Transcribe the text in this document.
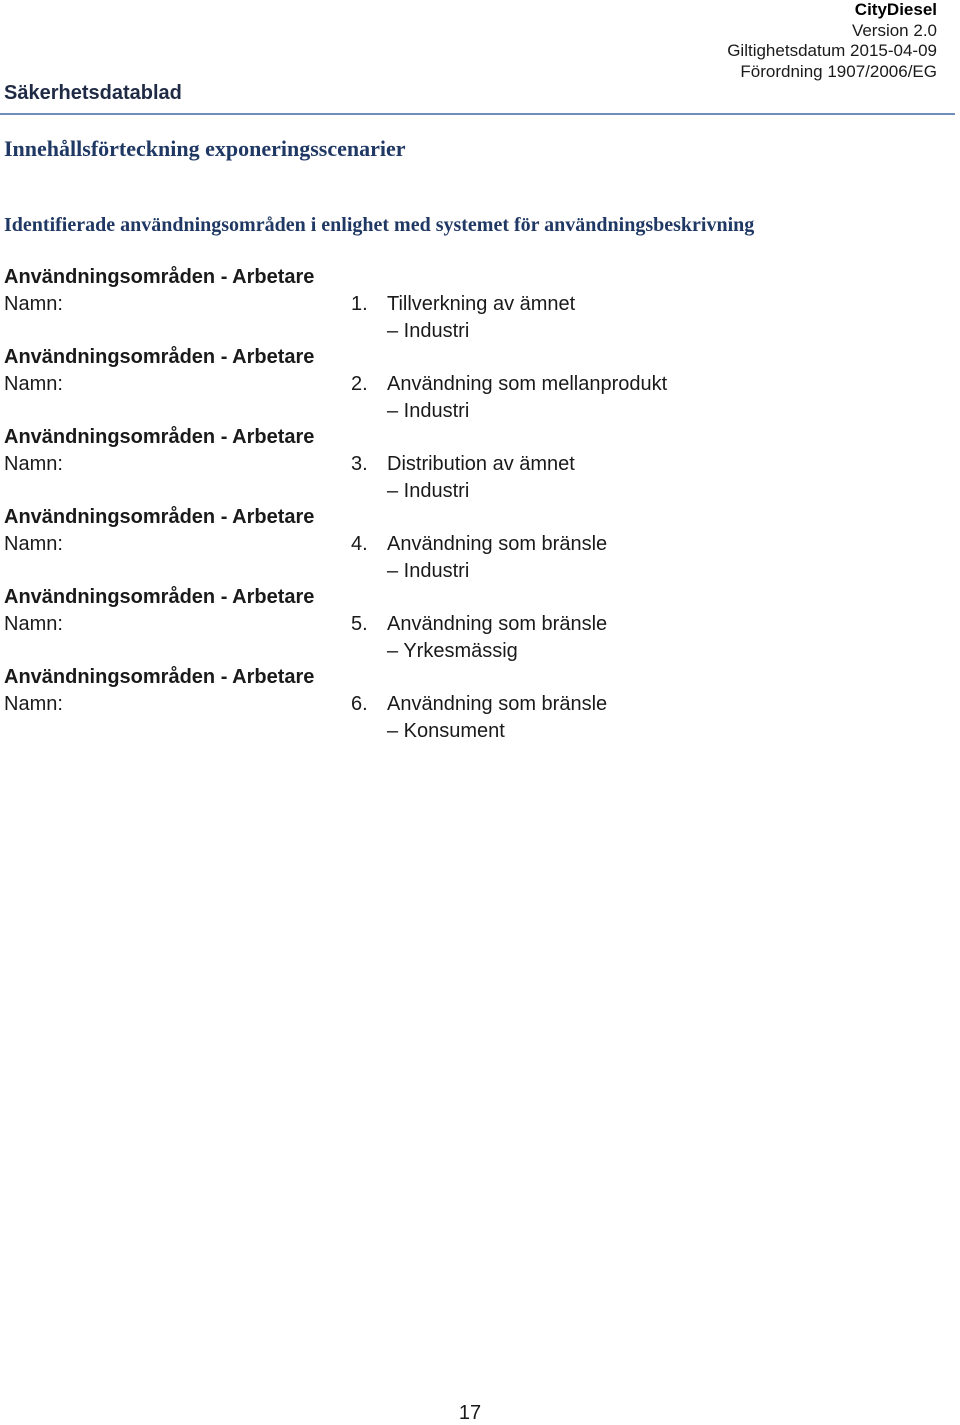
CityDiesel
Version 2.0
Giltighetsdatum 2015-04-09
Förordning 1907/2006/EG
Säkerhetsdatablad
Innehållsförteckning exponeringsscenarier
Identifierade användningsområden i enlighet med systemet för användningsbeskrivning
Användningsområden - Arbetare
Namn:	1. Tillverkning av ämnet
– Industri
Användningsområden - Arbetare
Namn:	2. Användning som mellanprodukt
– Industri
Användningsområden - Arbetare
Namn:	3. Distribution av ämnet
– Industri
Användningsområden - Arbetare
Namn:	4. Användning som bränsle
– Industri
Användningsområden - Arbetare
Namn:	5. Användning som bränsle
– Yrkesmässig
Användningsområden - Arbetare
Namn:	6. Användning som bränsle
– Konsument
17
